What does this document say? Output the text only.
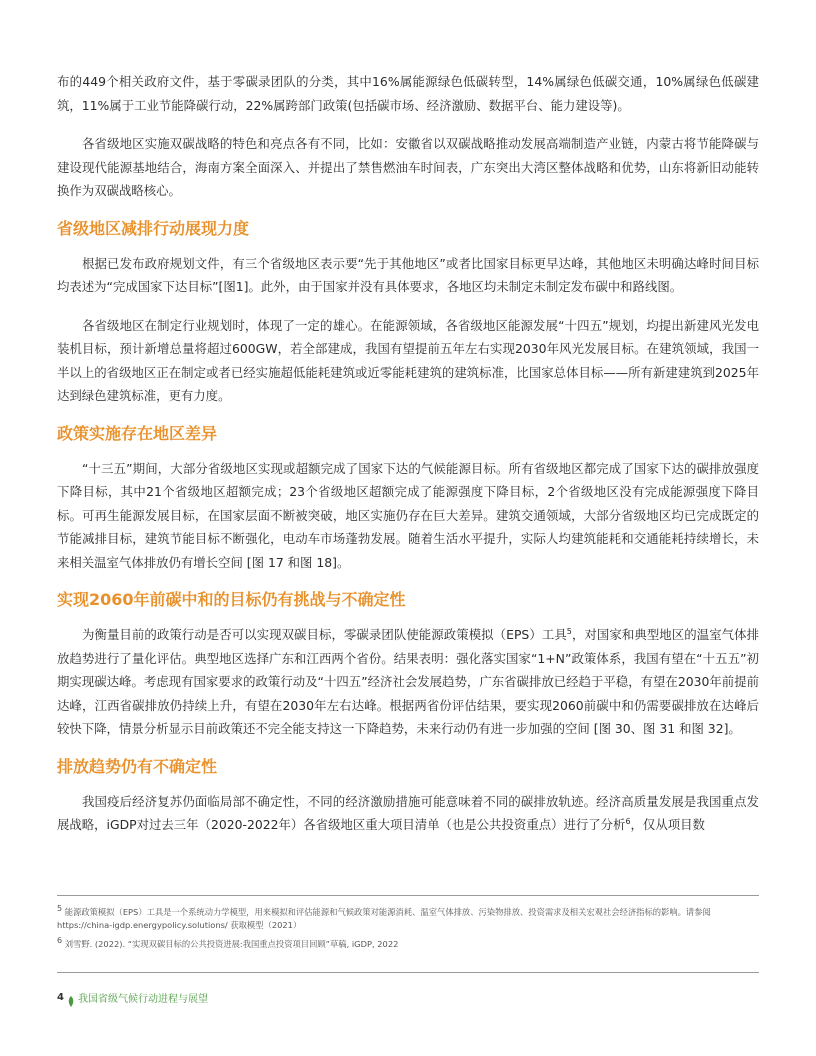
布的449个相关政府文件，基于零碳录团队的分类，其中16%属能源绿色低碳转型，14%属绿色低碳交通，10%属绿色低碳建筑，11%属于工业节能降碳行动，22%属跨部门政策(包括碳市场、经济激励、数据平台、能力建设等)。

各省级地区实施双碳战略的特色和亮点各有不同，比如：安徽省以双碳战略推动发展高端制造产业链，内蒙古将节能降碳与建设现代能源基地结合，海南方案全面深入、并提出了禁售燃油车时间表，广东突出大湾区整体战略和优势，山东将新旧动能转换作为双碳战略核心。

省级地区减排行动展现力度

根据已发布政府规划文件，有三个省级地区表示要“先于其他地区”或者比国家目标更早达峰，其他地区未明确达峰时间目标均表述为“完成国家下达目标”[图1]。此外，由于国家并没有具体要求，各地区均未制定未制定发布碳中和路线图。

各省级地区在制定行业规划时，体现了一定的雄心。在能源领域，各省级地区能源发展“十四五”规划，均提出新建风光发电装机目标，预计新增总量将超过600GW，若全部建成，我国有望提前五年左右实现2030年风光发展目标。在建筑领域，我国一半以上的省级地区正在制定或者已经实施超低能耗建筑或近零能耗建筑的建筑标准，比国家总体目标——所有新建建筑到2025年达到绿色建筑标准，更有力度。

政策实施存在地区差异

“十三五”期间，大部分省级地区实现或超额完成了国家下达的气候能源目标。所有省级地区都完成了国家下达的碳排放强度下降目标，其中21个省级地区超额完成；23个省级地区超额完成了能源强度下降目标，2个省级地区没有完成能源强度下降目标。可再生能源发展目标，在国家层面不断被突破，地区实施仍存在巨大差异。建筑交通领域，大部分省级地区均已完成既定的节能减排目标，建筑节能目标不断强化，电动车市场蓬勃发展。随着生活水平提升，实际人均建筑能耗和交通能耗持续增长，未来相关温室气体排放仍有增长空间 [图 17 和图 18]。

实现2060年前碳中和的目标仍有挑战与不确定性

为衡量目前的政策行动是否可以实现双碳目标，零碳录团队使能源政策模拟（EPS）工具$^5$，对国家和典型地区的温室气体排放趋势进行了量化评估。典型地区选择广东和江西两个省份。结果表明：强化落实国家“1+N”政策体系，我国有望在“十五五”初期实现碳达峰。考虑现有国家要求的政策行动及“十四五”经济社会发展趋势，广东省碳排放已经趋于平稳，有望在2030年前提前达峰，江西省碳排放仍持续上升，有望在2030年左右达峰。根据两省份评估结果，要实现2060前碳中和仍需要碳排放在达峰后较快下降，情景分析显示目前政策还不完全能支持这一下降趋势，未来行动仍有进一步加强的空间 [图 30、图 31 和图 32]。

排放趋势仍有不确定性

我国疫后经济复苏仍面临局部不确定性，不同的经济激励措施可能意味着不同的碳排放轨迹。经济高质量发展是我国重点发展战略，iGDP对过去三年（2020-2022年）各省级地区重大项目清单（也是公共投资重点）进行了分析$^6$，仅从项目数

$^5$ 能源政策模拟（EPS）工具是一个系统动力学模型，用来模拟和评估能源和气候政策对能源消耗、温室气体排放、污染物排放、投资需求及相关宏观社会经济指标的影响。请参阅https://china-igdp.energypolicy.solutions/ 获取模型（2021）

$^6$ 刘雪野. (2022). “实现双碳目标的公共投资进展:我国重点投资项目回顾”草稿, iGDP, 2022

4 我国省级气候行动进程与展望
